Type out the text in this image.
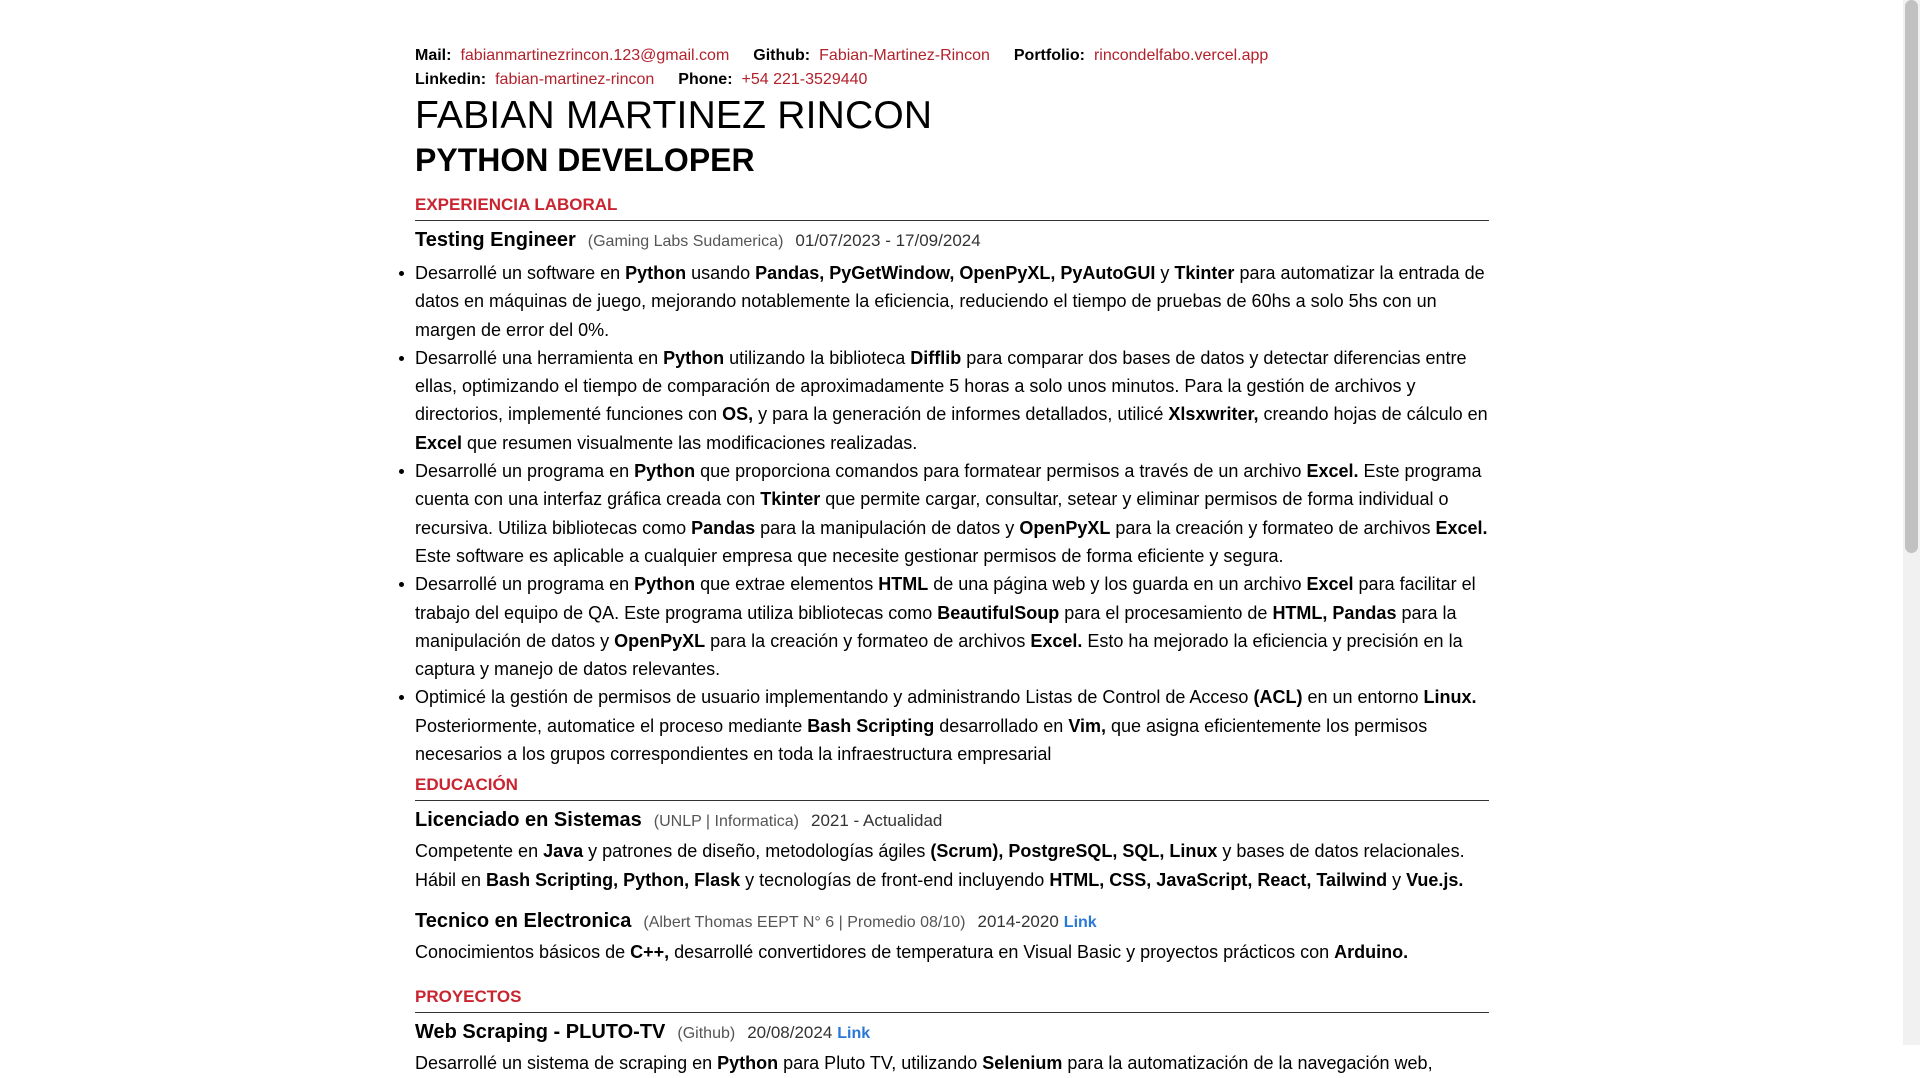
Mail: fabianmartinezrincon.123@gmail.com Github: Fabian-Martinez-Rincon Portfolio: rincondelfabo.vercel.app
Linkedin: fabian-martinez-rincon Phone: +54 221-3529440
FABIAN MARTINEZ RINCON
PYTHON DEVELOPER
EXPERIENCIA LABORAL
Testing Engineer (Gaming Labs Sudamerica) 01/07/2023 - 17/09/2024
Desarrollé un software en Python usando Pandas, PyGetWindow, OpenPyXL, PyAutoGUI y Tkinter para automatizar la entrada de datos en máquinas de juego, mejorando notablemente la eficiencia, reduciendo el tiempo de pruebas de 60hs a solo 5hs con un margen de error del 0%.
Desarrollé una herramienta en Python utilizando la biblioteca Difflib para comparar dos bases de datos y detectar diferencias entre ellas, optimizando el tiempo de comparación de aproximadamente 5 horas a solo unos minutos. Para la gestión de archivos y directorios, implementé funciones con OS, y para la generación de informes detallados, utilicé Xlsxwriter, creando hojas de cálculo en Excel que resumen visualmente las modificaciones realizadas.
Desarrollé un programa en Python que proporciona comandos para formatear permisos a través de un archivo Excel. Este programa cuenta con una interfaz gráfica creada con Tkinter que permite cargar, consultar, setear y eliminar permisos de forma individual o recursiva. Utiliza bibliotecas como Pandas para la manipulación de datos y OpenPyXL para la creación y formateo de archivos Excel. Este software es aplicable a cualquier empresa que necesite gestionar permisos de forma eficiente y segura.
Desarrollé un programa en Python que extrae elementos HTML de una página web y los guarda en un archivo Excel para facilitar el trabajo del equipo de QA. Este programa utiliza bibliotecas como BeautifulSoup para el procesamiento de HTML, Pandas para la manipulación de datos y OpenPyXL para la creación y formateo de archivos Excel. Esto ha mejorado la eficiencia y precisión en la captura y manejo de datos relevantes.
Optimicé la gestión de permisos de usuario implementando y administrando Listas de Control de Acceso (ACL) en un entorno Linux. Posteriormente, automatice el proceso mediante Bash Scripting desarrollado en Vim, que asigna eficientemente los permisos necesarios a los grupos correspondientes en toda la infraestructura empresarial
EDUCACIÓN
Licenciado en Sistemas (UNLP | Informatica) 2021 - Actualidad
Competente en Java y patrones de diseño, metodologías ágiles (Scrum), PostgreSQL, SQL, Linux y bases de datos relacionales. Hábil en Bash Scripting, Python, Flask y tecnologías de front-end incluyendo HTML, CSS, JavaScript, React, Tailwind y Vue.js.
Tecnico en Electronica (Albert Thomas EEPT N° 6 | Promedio 08/10) 2014-2020 Link
Conocimientos básicos de C++, desarrollé convertidores de temperatura en Visual Basic y proyectos prácticos con Arduino.
PROYECTOS
Web Scraping - PLUTO-TV (Github) 20/08/2024 Link
Desarrollé un sistema de scraping en Python para Pluto TV, utilizando Selenium para la automatización de la navegación web,
